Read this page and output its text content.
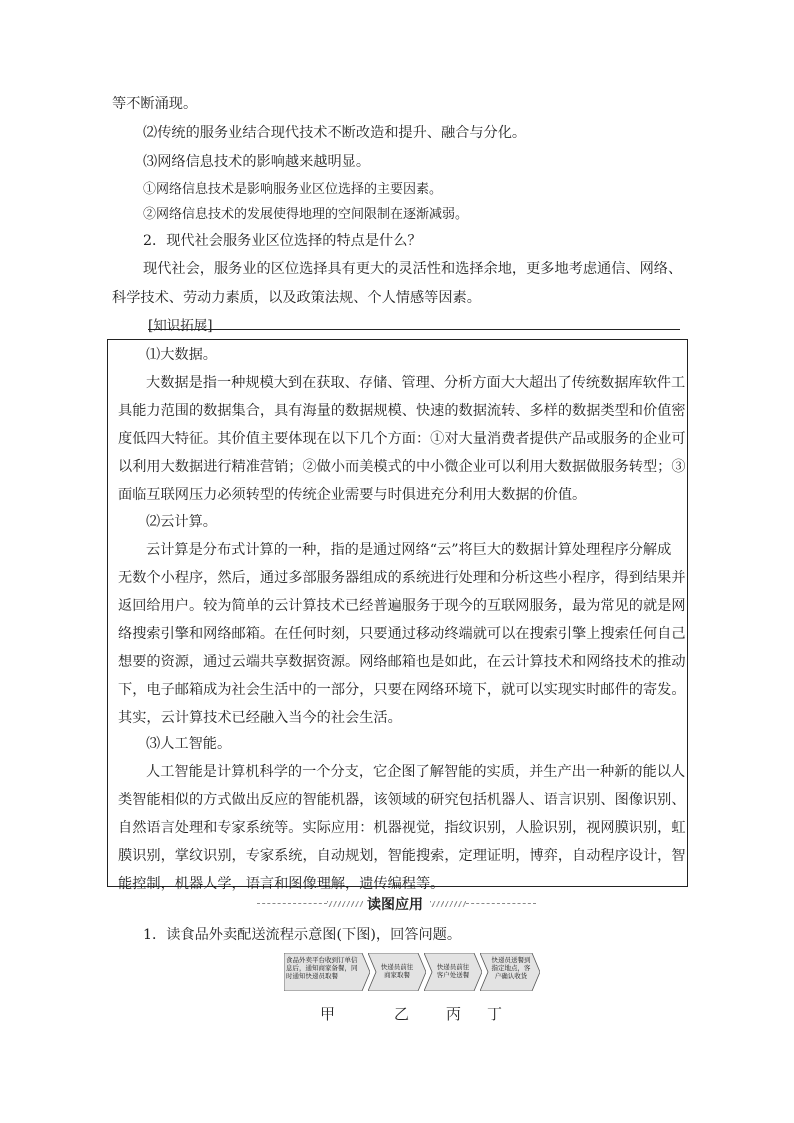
等不断涌现。
⑵传统的服务业结合现代技术不断改造和提升、融合与分化。
⑶网络信息技术的影响越来越明显。
①网络信息技术是影响服务业区位选择的主要因素。
②网络信息技术的发展使得地理的空间限制在逐渐减弱。
2．现代社会服务业区位选择的特点是什么？
现代社会，服务业的区位选择具有更大的灵活性和选择余地，更多地考虑通信、网络、
科学技术、劳动力素质，以及政策法规、个人情感等因素。
[知识拓展]
⑴大数据。
大数据是指一种规模大到在获取、存储、管理、分析方面大大超出了传统数据库软件工
具能力范围的数据集合，具有海量的数据规模、快速的数据流转、多样的数据类型和价值密
度低四大特征。其价值主要体现在以下几个方面：①对大量消费者提供产品或服务的企业可
以利用大数据进行精准营销；②做小而美模式的中小微企业可以利用大数据做服务转型；③
面临互联网压力必须转型的传统企业需要与时俱进充分利用大数据的价值。
⑵云计算。
云计算是分布式计算的一种，指的是通过网络“云”将巨大的数据计算处理程序分解成
无数个小程序，然后，通过多部服务器组成的系统进行处理和分析这些小程序，得到结果并
返回给用户。较为简单的云计算技术已经普遍服务于现今的互联网服务，最为常见的就是网
络搜索引擎和网络邮箱。在任何时刻，只要通过移动终端就可以在搜索引擎上搜索任何自己
想要的资源，通过云端共享数据资源。网络邮箱也是如此，在云计算技术和网络技术的推动
下，电子邮箱成为社会生活中的一部分，只要在网络环境下，就可以实现实时邮件的寄发。
其实，云计算技术已经融入当今的社会生活。
⑶人工智能。
人工智能是计算机科学的一个分支，它企图了解智能的实质，并生产出一种新的能以人
类智能相似的方式做出反应的智能机器，该领域的研究包括机器人、语言识别、图像识别、
自然语言处理和专家系统等。实际应用：机器视觉，指纹识别，人脸识别，视网膜识别，虹
膜识别，掌纹识别，专家系统，自动规划，智能搜索，定理证明，博弈，自动程序设计，智
能控制，机器人学，语言和图像理解，遗传编程等。
读图应用
1．读食品外卖配送流程示意图(下图)，回答问题。
食品外卖平台收到订单信息后，通知商家备餐，同时通知快递员取餐
快递员前往商家取餐
快递员前往客户处送餐
快递员送餐到指定地点，客户确认收货
甲	乙 丙 丁
